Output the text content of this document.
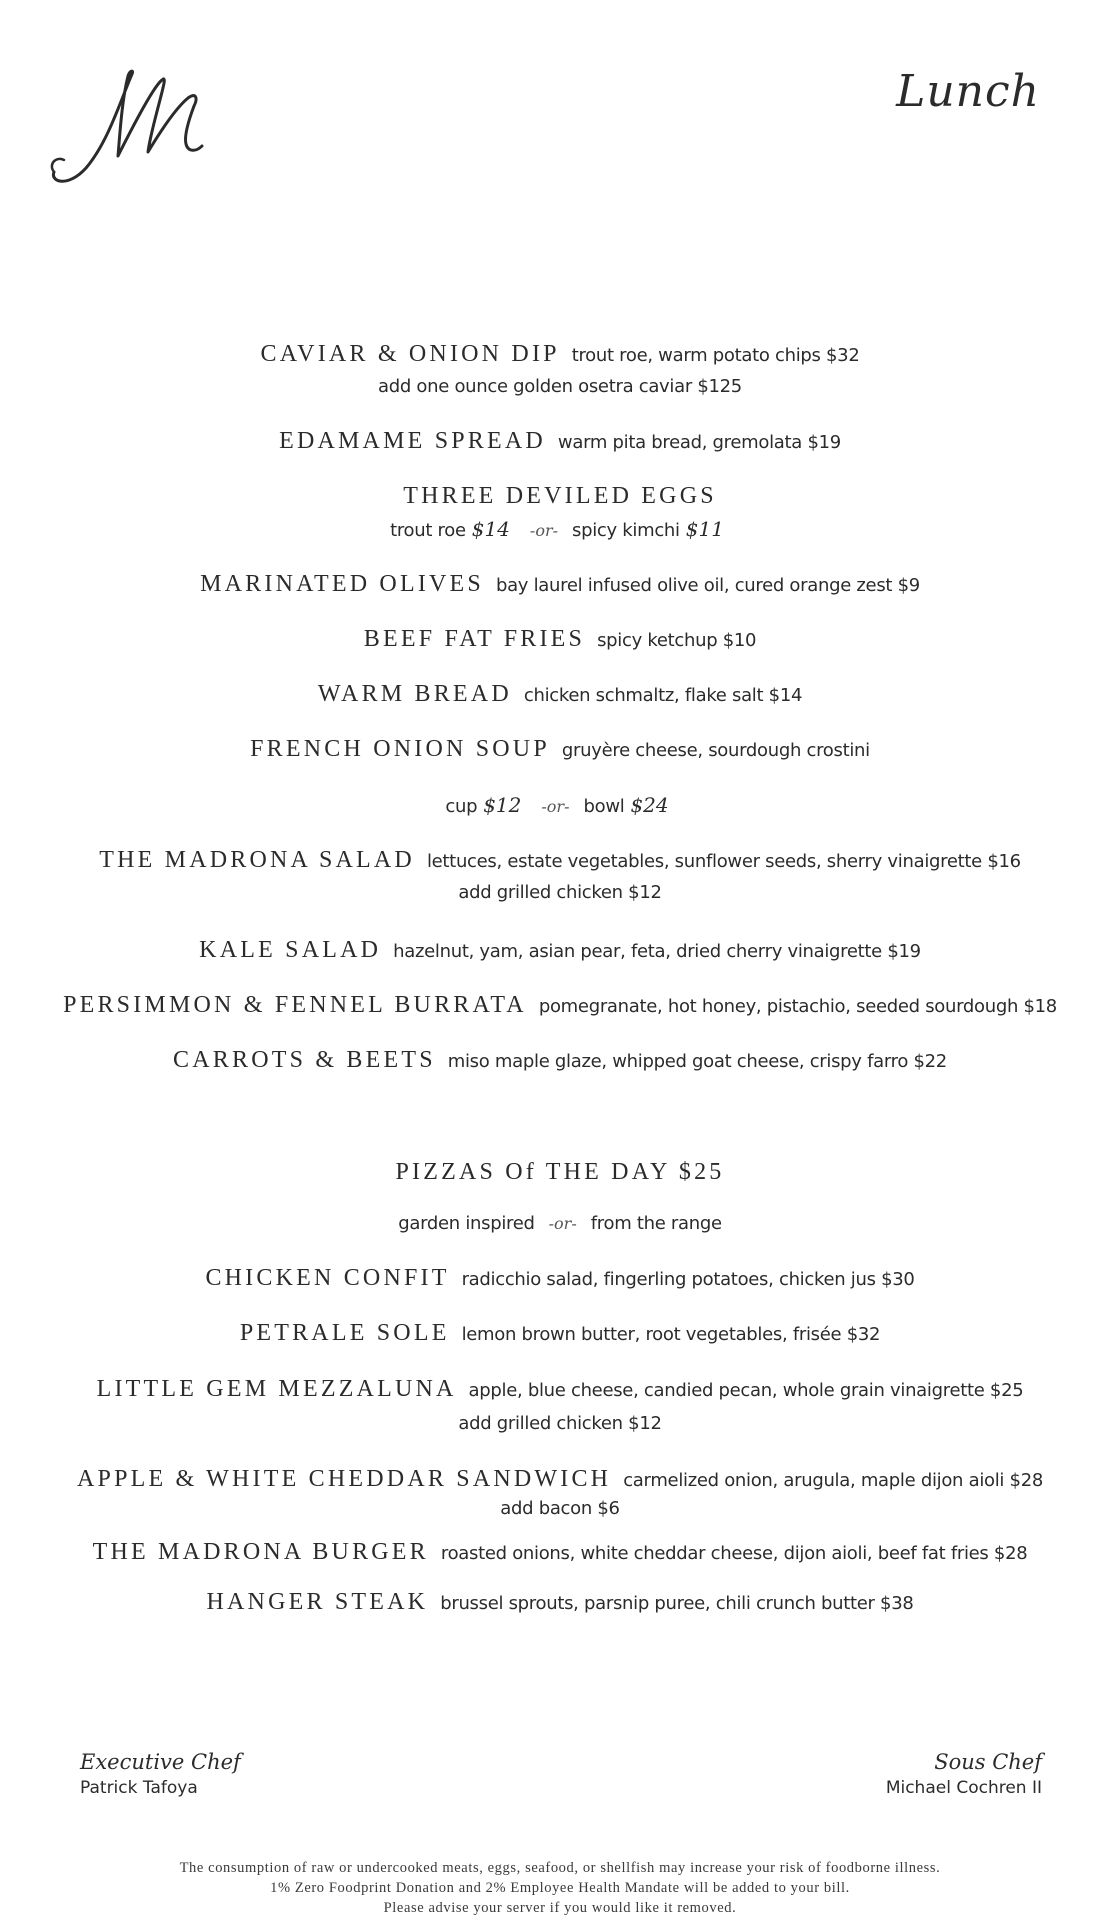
Lunch
CAVIAR & ONION DIP trout roe, warm potato chips $32
add one ounce golden osetra caviar $125
EDAMAME SPREAD warm pita bread, gremolata $19
THREE DEVILED EGGS
trout roe $14 -or- spicy kimchi $11
MARINATED OLIVES bay laurel infused olive oil, cured orange zest $9
BEEF FAT FRIES spicy ketchup $10
WARM BREAD chicken schmaltz, flake salt $14
FRENCH ONION SOUP gruyère cheese, sourdough crostini
cup $12 -or- bowl $24
THE MADRONA SALAD lettuces, estate vegetables, sunflower seeds, sherry vinaigrette $16
add grilled chicken $12
KALE SALAD hazelnut, yam, asian pear, feta, dried cherry vinaigrette $19
PERSIMMON & FENNEL BURRATA pomegranate, hot honey, pistachio, seeded sourdough $18
CARROTS & BEETS miso maple glaze, whipped goat cheese, crispy farro $22
PIZZAS Of THE DAY $25
garden inspired -or- from the range
CHICKEN CONFIT radicchio salad, fingerling potatoes, chicken jus $30
PETRALE SOLE lemon brown butter, root vegetables, frisée $32
LITTLE GEM MEZZALUNA apple, blue cheese, candied pecan, whole grain vinaigrette $25
add grilled chicken $12
APPLE & WHITE CHEDDAR SANDWICH carmelized onion, arugula, maple dijon aioli $28
add bacon $6
THE MADRONA BURGER roasted onions, white cheddar cheese, dijon aioli, beef fat fries $28
HANGER STEAK brussel sprouts, parsnip puree, chili crunch butter $38
Executive Chef
Patrick Tafoya
Sous Chef
Michael Cochren II
The consumption of raw or undercooked meats, eggs, seafood, or shellfish may increase your risk of foodborne illness.
1% Zero Foodprint Donation and 2% Employee Health Mandate will be added to your bill.
Please advise your server if you would like it removed.
